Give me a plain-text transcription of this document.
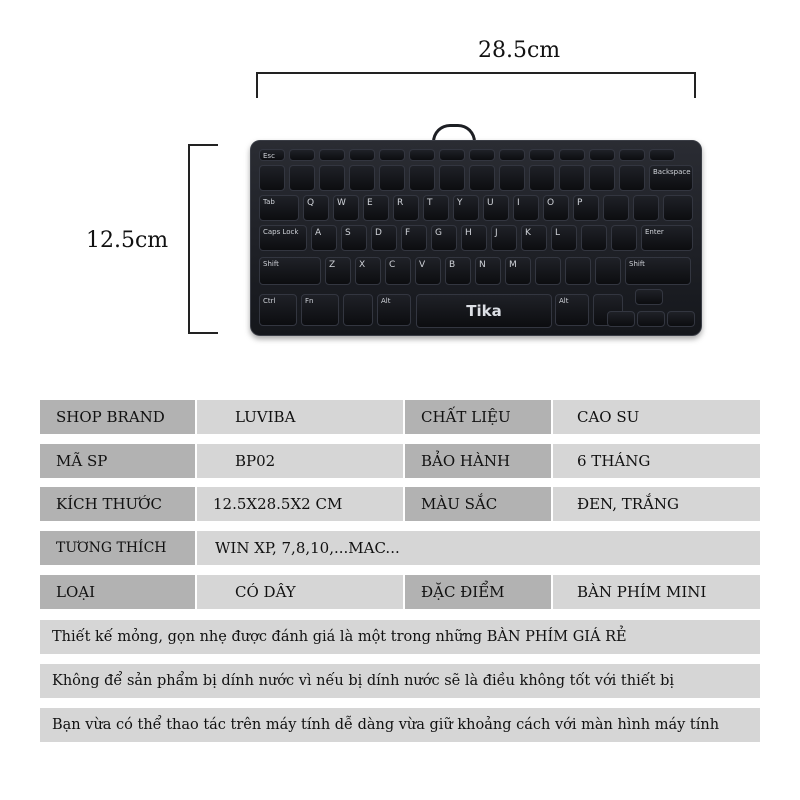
28.5cm
12.5cm
Tika
Esc
Backspace
Tab	Q	W	E	R	T	Y	U	I	O	P
Caps Lock	A	S	D	F	G	H	J	K	L	Enter
Shift	Z	X	C	V	B	N	M	Shift
Ctrl	Fn	Alt	Alt
SHOP BRAND	LUVIBA	CHẤT LIỆU	CAO SU
MÃ SP	BP02	BẢO HÀNH	6 THÁNG
KÍCH THƯỚC	12.5X28.5X2 CM	MÀU SẮC	ĐEN, TRẮNG
TƯƠNG THÍCH	WIN XP, 7,8,10,...MAC...
LOẠI	CÓ DÂY	ĐẶC ĐIỂM	BÀN PHÍM MINI
Thiết kế mỏng, gọn nhẹ được đánh giá là một trong những BÀN PHÍM GIÁ RẺ
Không để sản phẩm bị dính nước vì nếu bị dính nước sẽ là điều không tốt với thiết bị
Bạn vừa có thể thao tác trên máy tính dễ dàng vừa giữ khoảng cách với màn hình máy tính
